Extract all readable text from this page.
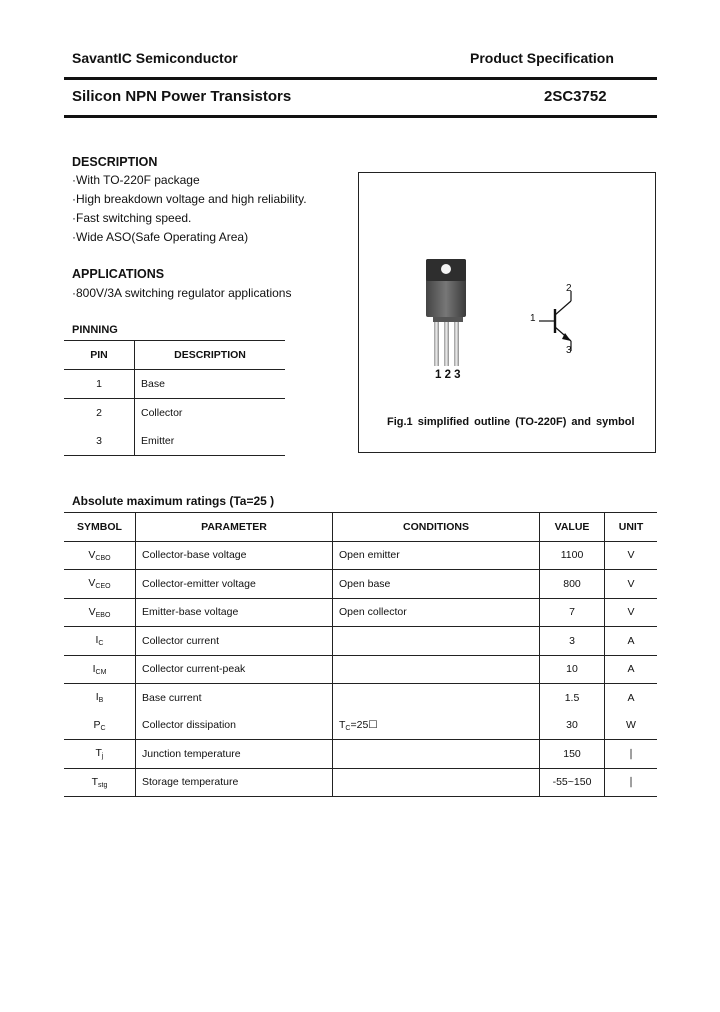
SavantIC Semiconductor	Product Specification
Silicon NPN Power Transistors	2SC3752
DESCRIPTION
·With TO-220F package
·High breakdown voltage and high reliability.
·Fast switching speed.
·Wide ASO(Safe Operating Area)
APPLICATIONS
·800V/3A switching regulator applications
PINNING
PIN	DESCRIPTION
1	Base
2	Collector
3	Emitter
1 2 3
1
2
3
Fig.1 simplified outline (TO-220F) and symbol
Absolute maximum ratings (Ta=25 )
SYMBOL	PARAMETER	CONDITIONS	VALUE	UNIT
$V_{CBO}$	Collector-base voltage	Open emitter	1100	V
$V_{CEO}$	Collector-emitter voltage	Open base	800	V
$V_{EBO}$	Emitter-base voltage	Open collector	7	V
$I_C$	Collector current		3	A
$I_{CM}$	Collector current-peak		10	A
$I_B$	Base current		1.5	A
$P_C$	Collector dissipation	$T_C=25☐$	30	W
$T_j$	Junction temperature		150	∣
$T_{stg}$	Storage temperature		-55~150	∣
